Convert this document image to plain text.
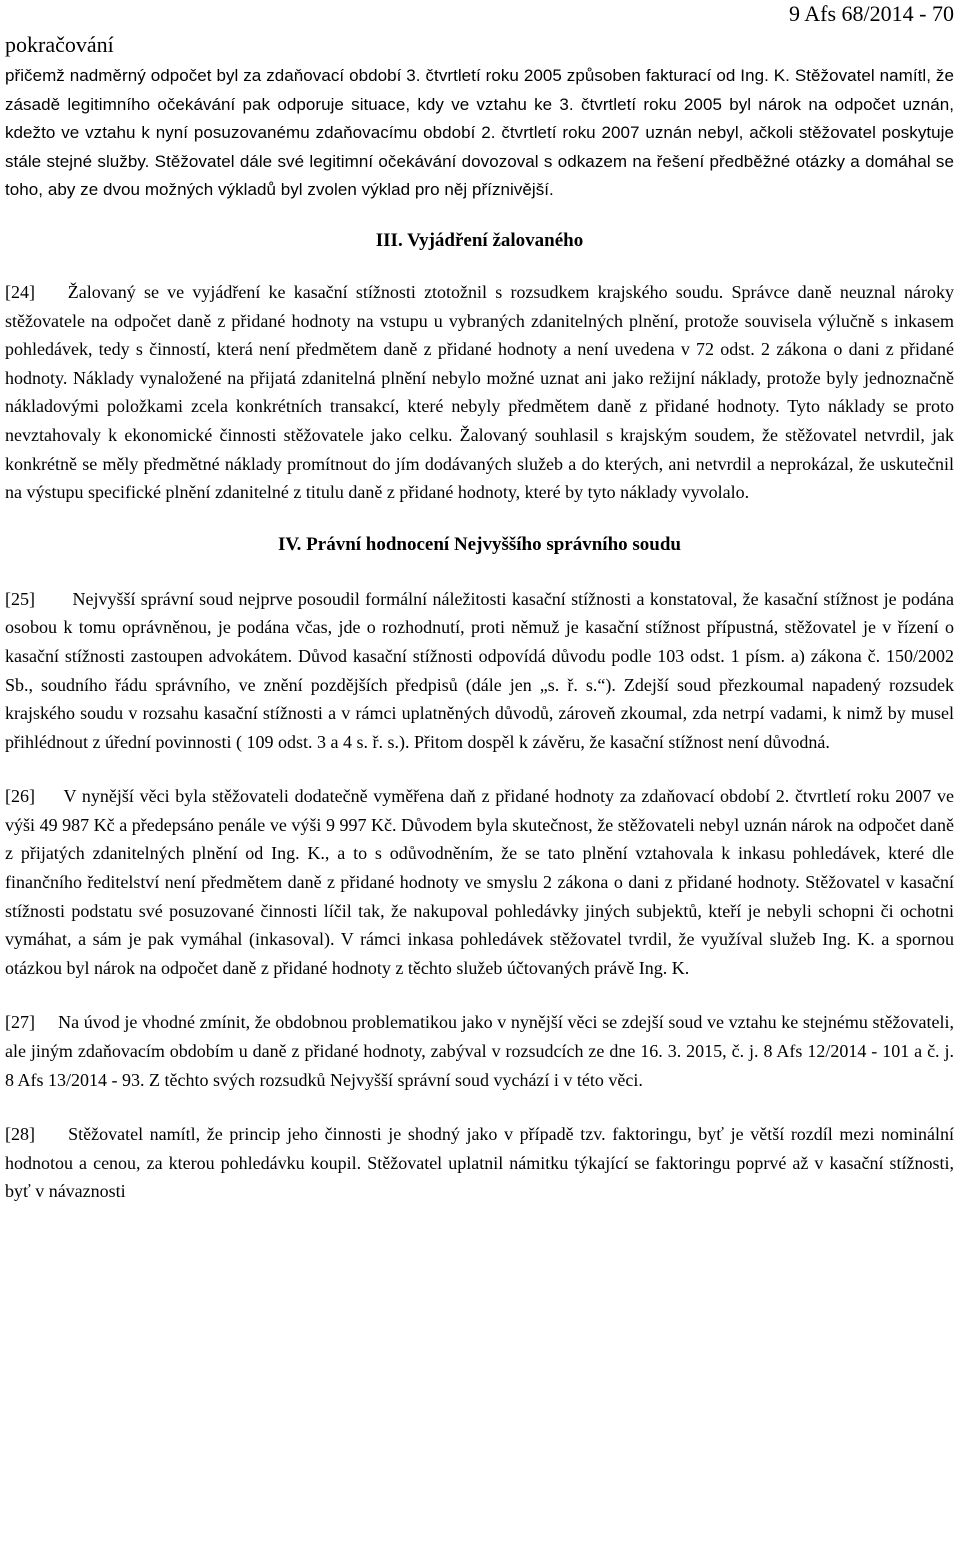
pokračování
9 Afs 68/2014 - 70

přičemž nadměrný odpočet byl za zdaňovací období 3. čtvrtletí roku 2005 způsoben fakturací od Ing. K. Stěžovatel namítl, že zásadě legitimního očekávání pak odporuje situace, kdy ve vztahu ke 3. čtvrtletí roku 2005 byl nárok na odpočet uznán, kdežto ve vztahu k nyní posuzovanému zdaňovacímu období 2. čtvrtletí roku 2007 uznán nebyl, ačkoli stěžovatel poskytuje stále stejné služby. Stěžovatel dále své legitimní očekávání dovozoval s odkazem na řešení předběžné otázky a domáhal se toho, aby ze dvou možných výkladů byl zvolen výklad pro něj příznivější.

III. Vyjádření žalovaného

[24] Žalovaný se ve vyjádření ke kasační stížnosti ztotožnil s rozsudkem krajského soudu. Správce daně neuznal nároky stěžovatele na odpočet daně z přidané hodnoty na vstupu u vybraných zdanitelných plnění, protože souvisela výlučně s inkasem pohledávek, tedy s činností, která není předmětem daně z přidané hodnoty a není uvedena v 72 odst. 2 zákona o dani z přidané hodnoty. Náklady vynaložené na přijatá zdanitelná plnění nebylo možné uznat ani jako režijní náklady, protože byly jednoznačně nákladovými položkami zcela konkrétních transakcí, které nebyly předmětem daně z přidané hodnoty. Tyto náklady se proto nevztahovaly k ekonomické činnosti stěžovatele jako celku. Žalovaný souhlasil s krajským soudem, že stěžovatel netvrdil, jak konkrétně se měly předmětné náklady promítnout do jím dodávaných služeb a do kterých, ani netvrdil a neprokázal, že uskutečnil na výstupu specifické plnění zdanitelné z titulu daně z přidané hodnoty, které by tyto náklady vyvolalo.

IV. Právní hodnocení Nejvyššího správního soudu

[25] Nejvyšší správní soud nejprve posoudil formální náležitosti kasační stížnosti a konstatoval, že kasační stížnost je podána osobou k tomu oprávněnou, je podána včas, jde o rozhodnutí, proti němuž je kasační stížnost přípustná, stěžovatel je v řízení o kasační stížnosti zastoupen advokátem. Důvod kasační stížnosti odpovídá důvodu podle 103 odst. 1 písm. a) zákona č. 150/2002 Sb., soudního řádu správního, ve znění pozdějších předpisů (dále jen „s. ř. s.“). Zdejší soud přezkoumal napadený rozsudek krajského soudu v rozsahu kasační stížnosti a v rámci uplatněných důvodů, zároveň zkoumal, zda netrpí vadami, k nimž by musel přihlédnout z úřední povinnosti ( 109 odst. 3 a 4 s. ř. s.). Přitom dospěl k závěru, že kasační stížnost není důvodná.

[26] V nynější věci byla stěžovateli dodatečně vyměřena daň z přidané hodnoty za zdaňovací období 2. čtvrtletí roku 2007 ve výši 49 987 Kč a předepsáno penále ve výši 9 997 Kč. Důvodem byla skutečnost, že stěžovateli nebyl uznán nárok na odpočet daně z přijatých zdanitelných plnění od Ing. K., a to s odůvodněním, že se tato plnění vztahovala k inkasu pohledávek, které dle finančního ředitelství není předmětem daně z přidané hodnoty ve smyslu 2 zákona o dani z přidané hodnoty. Stěžovatel v kasační stížnosti podstatu své posuzované činnosti líčil tak, že nakupoval pohledávky jiných subjektů, kteří je nebyli schopni či ochotni vymáhat, a sám je pak vymáhal (inkasoval). V rámci inkasa pohledávek stěžovatel tvrdil, že využíval služeb Ing. K. a spornou otázkou byl nárok na odpočet daně z přidané hodnoty z těchto služeb účtovaných právě Ing. K.

[27] Na úvod je vhodné zmínit, že obdobnou problematikou jako v nynější věci se zdejší soud ve vztahu ke stejnému stěžovateli, ale jiným zdaňovacím obdobím u daně z přidané hodnoty, zabýval v rozsudcích ze dne 16. 3. 2015, č. j. 8 Afs 12/2014 - 101 a č. j. 8 Afs 13/2014 - 93. Z těchto svých rozsudků Nejvyšší správní soud vychází i v této věci.

[28] Stěžovatel namítl, že princip jeho činnosti je shodný jako v případě tzv. faktoringu, byť je větší rozdíl mezi nominální hodnotou a cenou, za kterou pohledávku koupil. Stěžovatel uplatnil námitku týkající se faktoringu poprvé až v kasační stížnosti, byť v návaznosti
